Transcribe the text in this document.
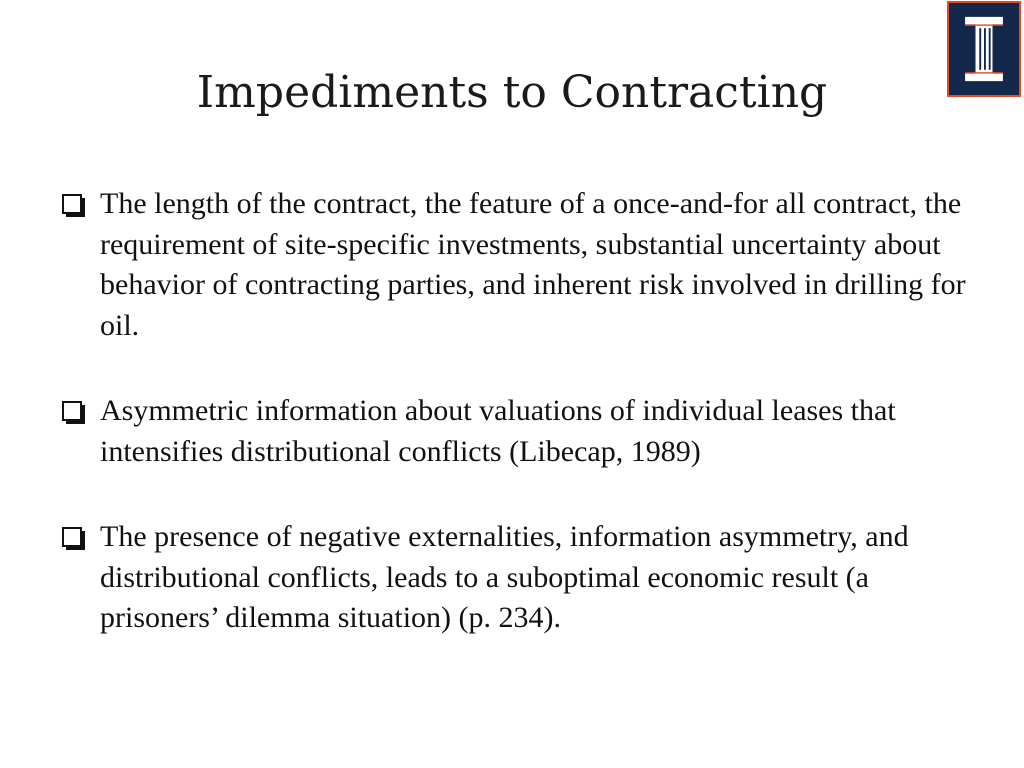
Impediments to Contracting
The length of the contract, the feature of a once-and-for all contract, the requirement of site-specific investments, substantial uncertainty about behavior of contracting parties, and inherent risk involved in drilling for oil.
Asymmetric information about valuations of individual leases that intensifies distributional conflicts (Libecap, 1989)
The presence of negative externalities, information asymmetry, and distributional conflicts, leads to a suboptimal economic result (a prisoners’ dilemma situation) (p. 234).
